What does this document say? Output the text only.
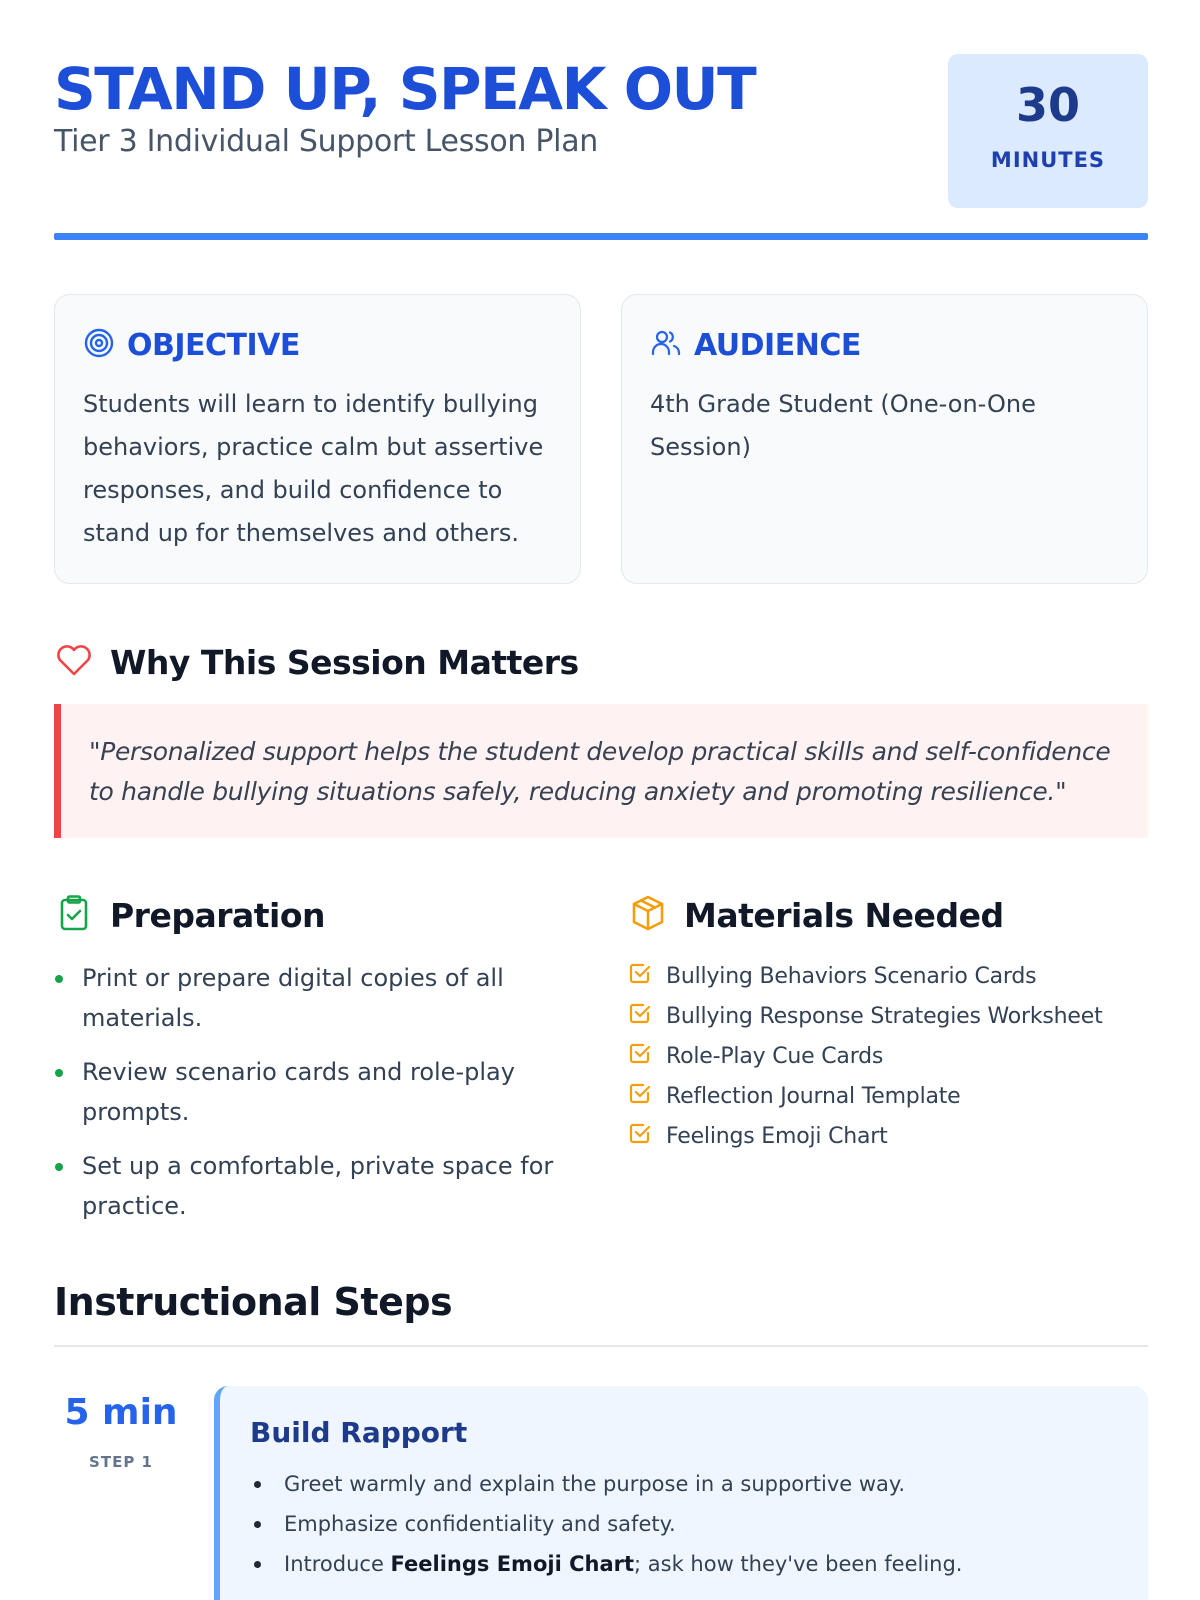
STAND UP, SPEAK OUT
Tier 3 Individual Support Lesson Plan
30
MINUTES
OBJECTIVE
Students will learn to identify bullying behaviors, practice calm but assertive responses, and build confidence to stand up for themselves and others.
AUDIENCE
4th Grade Student (One-on-One Session)
Why This Session Matters
"Personalized support helps the student develop practical skills and self-confidence to handle bullying situations safely, reducing anxiety and promoting resilience."
Preparation
Print or prepare digital copies of all materials.
Review scenario cards and role-play prompts.
Set up a comfortable, private space for practice.
Materials Needed
Bullying Behaviors Scenario Cards
Bullying Response Strategies Worksheet
Role-Play Cue Cards
Reflection Journal Template
Feelings Emoji Chart
Instructional Steps
5 min
STEP 1
Build Rapport
Greet warmly and explain the purpose in a supportive way.
Emphasize confidentiality and safety.
Introduce Feelings Emoji Chart; ask how they've been feeling.
